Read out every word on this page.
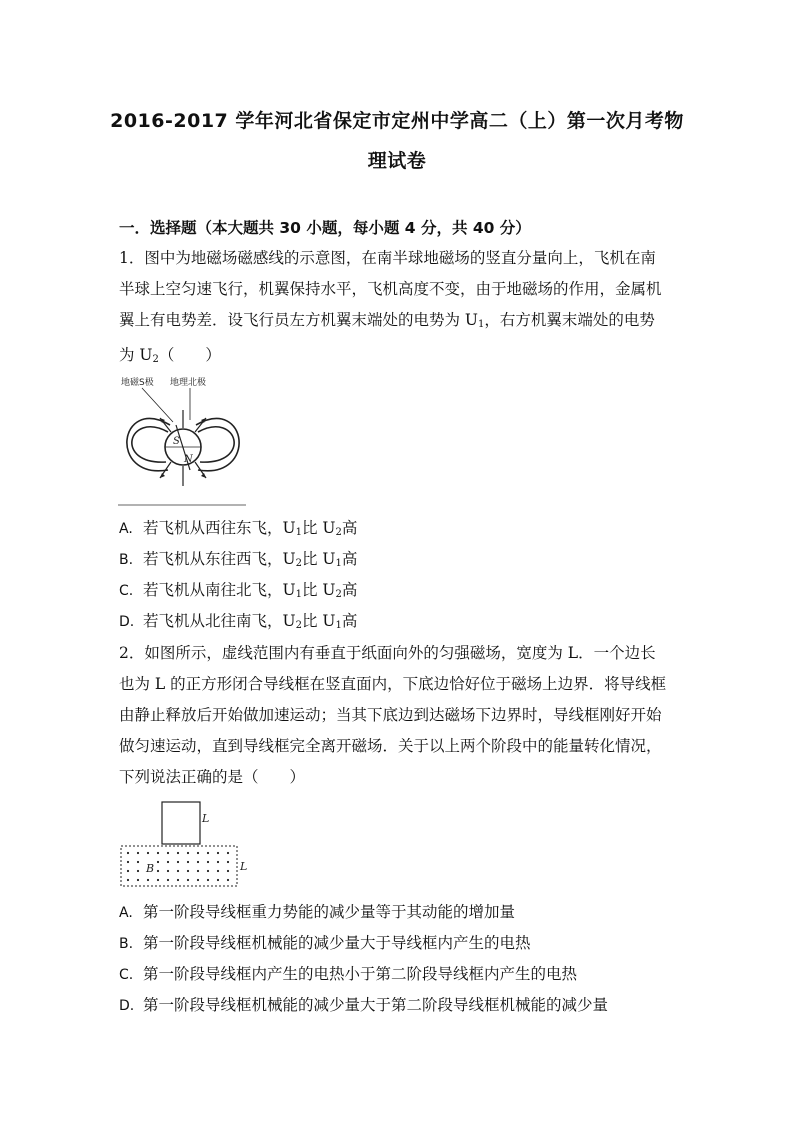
2016-2017 学年河北省保定市定州中学高二（上）第一次月考物
理试卷
一．选择题（本大题共 30 小题，每小题 4 分，共 40 分）
1．图中为地磁场磁感线的示意图，在南半球地磁场的竖直分量向上，飞机在南
半球上空匀速飞行，机翼保持水平，飞机高度不变，由于地磁场的作用，金属机
翼上有电势差．设飞行员左方机翼末端处的电势为 $U_1$，右方机翼末端处的电势
为 $U_2$（　　）
地磁S极 地理北极
S
N
A. 若飞机从西往东飞，$U_1$比 $U_2$高
B. 若飞机从东往西飞，$U_2$比 $U_1$高
C. 若飞机从南往北飞，$U_1$比 $U_2$高
D. 若飞机从北往南飞，$U_2$比 $U_1$高
2．如图所示，虚线范围内有垂直于纸面向外的匀强磁场，宽度为 L．一个边长
也为 L 的正方形闭合导线框在竖直面内，下底边恰好位于磁场上边界．将导线框
由静止释放后开始做加速运动；当其下底边到达磁场下边界时，导线框刚好开始
做匀速运动，直到导线框完全离开磁场．关于以上两个阶段中的能量转化情况，
下列说法正确的是（　　）
L
B	L
A. 第一阶段导线框重力势能的减少量等于其动能的增加量
B. 第一阶段导线框机械能的减少量大于导线框内产生的电热
C. 第一阶段导线框内产生的电热小于第二阶段导线框内产生的电热
D. 第一阶段导线框机械能的减少量大于第二阶段导线框机械能的减少量
